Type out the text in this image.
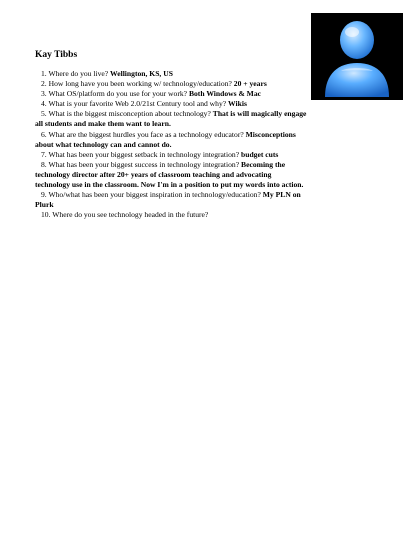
Kay Tibbs

1. Where do you live? Wellington, KS, US

2. How long have you been working w/ technology/education? 20 + years

3. What OS/platform do you use for your work? Both Windows & Mac

4. What is your favorite Web 2.0/21st Century tool and why? Wikis

5. What is the biggest misconception about technology? That is will magically engage all students and make them want to learn.

6. What are the biggest hurdles you face as a technology educator? Misconceptions about what technology can and cannot do.

7. What has been your biggest setback in technology integration? budget cuts

8. What has been your biggest success in technology integration? Becoming the technology director after 20+ years of classroom teaching and advocating technology use in the classroom. Now I'm in a position to put my words into action.

9. Who/what has been your biggest inspiration in technology/education? My PLN on Plurk

10. Where do you see technology headed in the future?
